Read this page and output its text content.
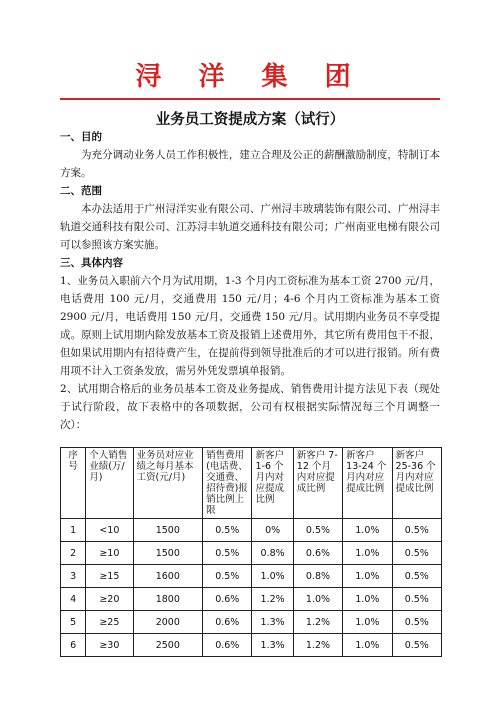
浔 洋 集 团
业务员工资提成方案（试行）

一、目的

为充分调动业务人员工作积极性，建立合理及公正的薪酬激励制度，特制订本方案。

二、范围

本办法适用于广州浔洋实业有限公司、广州浔丰玻璃装饰有限公司、广州浔丰轨道交通科技有限公司、江苏浔丰轨道交通科技有限公司；广州南亚电梯有限公司可以参照该方案实施。

三、具体内容

1、业务员入职前六个月为试用期，1-3 个月内工资标准为基本工资 2700 元/月，电话费用 100 元/月，交通费用 150 元/月；4-6 个月内工资标准为基本工资 2900 元/月，电话费用 150 元/月，交通费 150 元/月。试用期内业务员不享受提成。原则上试用期内除发放基本工资及报销上述费用外，其它所有费用包干不报，但如果试用期内有招待费产生，在提前得到领导批准后的才可以进行报销。所有费用项不计入工资条发放，需另外凭发票填单报销。

2、试用期合格后的业务员基本工资及业务提成、销售费用计提方法见下表（现处于试行阶段，故下表格中的各项数据，公司有权根据实际情况每三个月调整一次）：

序号	个人销售业绩(万/月)	业务员对应业绩之每月基本工资(元/月)	销售费用(电话费、交通费、招待费)报销比例上限	新客户 1-6 个月内对应提成比例	新客户 7-12 个月内对应提成比例	新客户 13-24 个月内对应提成比例	新客户 25-36 个月内对应提成比例
1	<10	1500	0.5%	0%	0.5%	1.0%	0.5%
2	≥10	1500	0.5%	0.8%	0.6%	1.0%	0.5%
3	≥15	1600	0.5%	1.0%	0.8%	1.0%	0.5%
4	≥20	1800	0.6%	1.2%	1.0%	1.0%	0.5%
5	≥25	2000	0.6%	1.3%	1.2%	1.0%	0.5%
6	≥30	2500	0.6%	1.3%	1.2%	1.0%	0.5%
